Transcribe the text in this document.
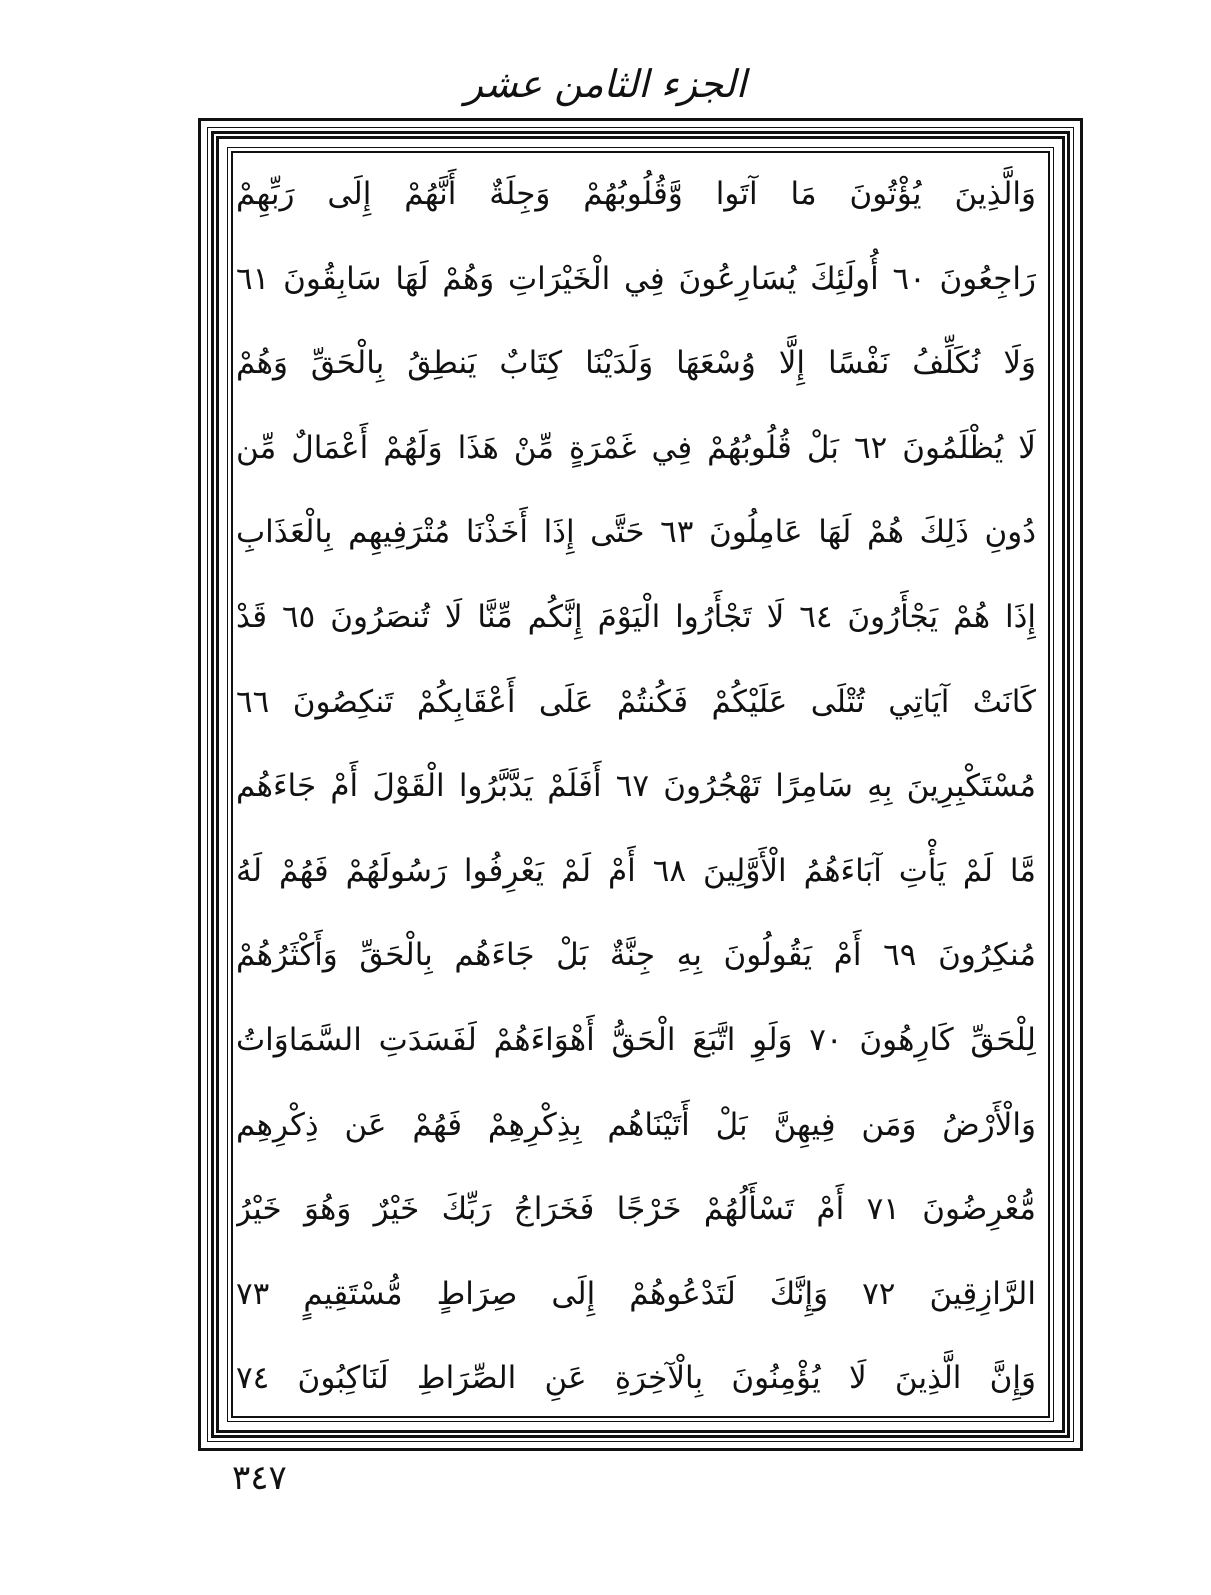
الجزء الثامن عشر
وَالَّذِينَ يُؤْتُونَ مَا آتَوا وَّقُلُوبُهُمْ وَجِلَةٌ أَنَّهُمْ إِلَى رَبِّهِمْ
رَاجِعُونَ ٦٠ أُولَئِكَ يُسَارِعُونَ فِي الْخَيْرَاتِ وَهُمْ لَهَا سَابِقُونَ ٦١
وَلَا نُكَلِّفُ نَفْسًا إِلَّا وُسْعَهَا وَلَدَيْنَا كِتَابٌ يَنطِقُ بِالْحَقِّ وَهُمْ
لَا يُظْلَمُونَ ٦٢ بَلْ قُلُوبُهُمْ فِي غَمْرَةٍ مِّنْ هَذَا وَلَهُمْ أَعْمَالٌ مِّن
دُونِ ذَلِكَ هُمْ لَهَا عَامِلُونَ ٦٣ حَتَّى إِذَا أَخَذْنَا مُتْرَفِيهِم بِالْعَذَابِ
إِذَا هُمْ يَجْأَرُونَ ٦٤ لَا تَجْأَرُوا الْيَوْمَ إِنَّكُم مِّنَّا لَا تُنصَرُونَ ٦٥ قَدْ
كَانَتْ آيَاتِي تُتْلَى عَلَيْكُمْ فَكُنتُمْ عَلَى أَعْقَابِكُمْ تَنكِصُونَ ٦٦
مُسْتَكْبِرِينَ بِهِ سَامِرًا تَهْجُرُونَ ٦٧ أَفَلَمْ يَدَّبَّرُوا الْقَوْلَ أَمْ جَاءَهُم
مَّا لَمْ يَأْتِ آبَاءَهُمُ الْأَوَّلِينَ ٦٨ أَمْ لَمْ يَعْرِفُوا رَسُولَهُمْ فَهُمْ لَهُ
مُنكِرُونَ ٦٩ أَمْ يَقُولُونَ بِهِ جِنَّةٌ بَلْ جَاءَهُم بِالْحَقِّ وَأَكْثَرُهُمْ
لِلْحَقِّ كَارِهُونَ ٧٠ وَلَوِ اتَّبَعَ الْحَقُّ أَهْوَاءَهُمْ لَفَسَدَتِ السَّمَاوَاتُ
وَالْأَرْضُ وَمَن فِيهِنَّ بَلْ أَتَيْنَاهُم بِذِكْرِهِمْ فَهُمْ عَن ذِكْرِهِم
مُّعْرِضُونَ ٧١ أَمْ تَسْأَلُهُمْ خَرْجًا فَخَرَاجُ رَبِّكَ خَيْرٌ وَهُوَ خَيْرُ
الرَّازِقِينَ ٧٢ وَإِنَّكَ لَتَدْعُوهُمْ إِلَى صِرَاطٍ مُّسْتَقِيمٍ ٧٣
وَإِنَّ الَّذِينَ لَا يُؤْمِنُونَ بِالْآخِرَةِ عَنِ الصِّرَاطِ لَنَاكِبُونَ ٧٤
٣٤٧
